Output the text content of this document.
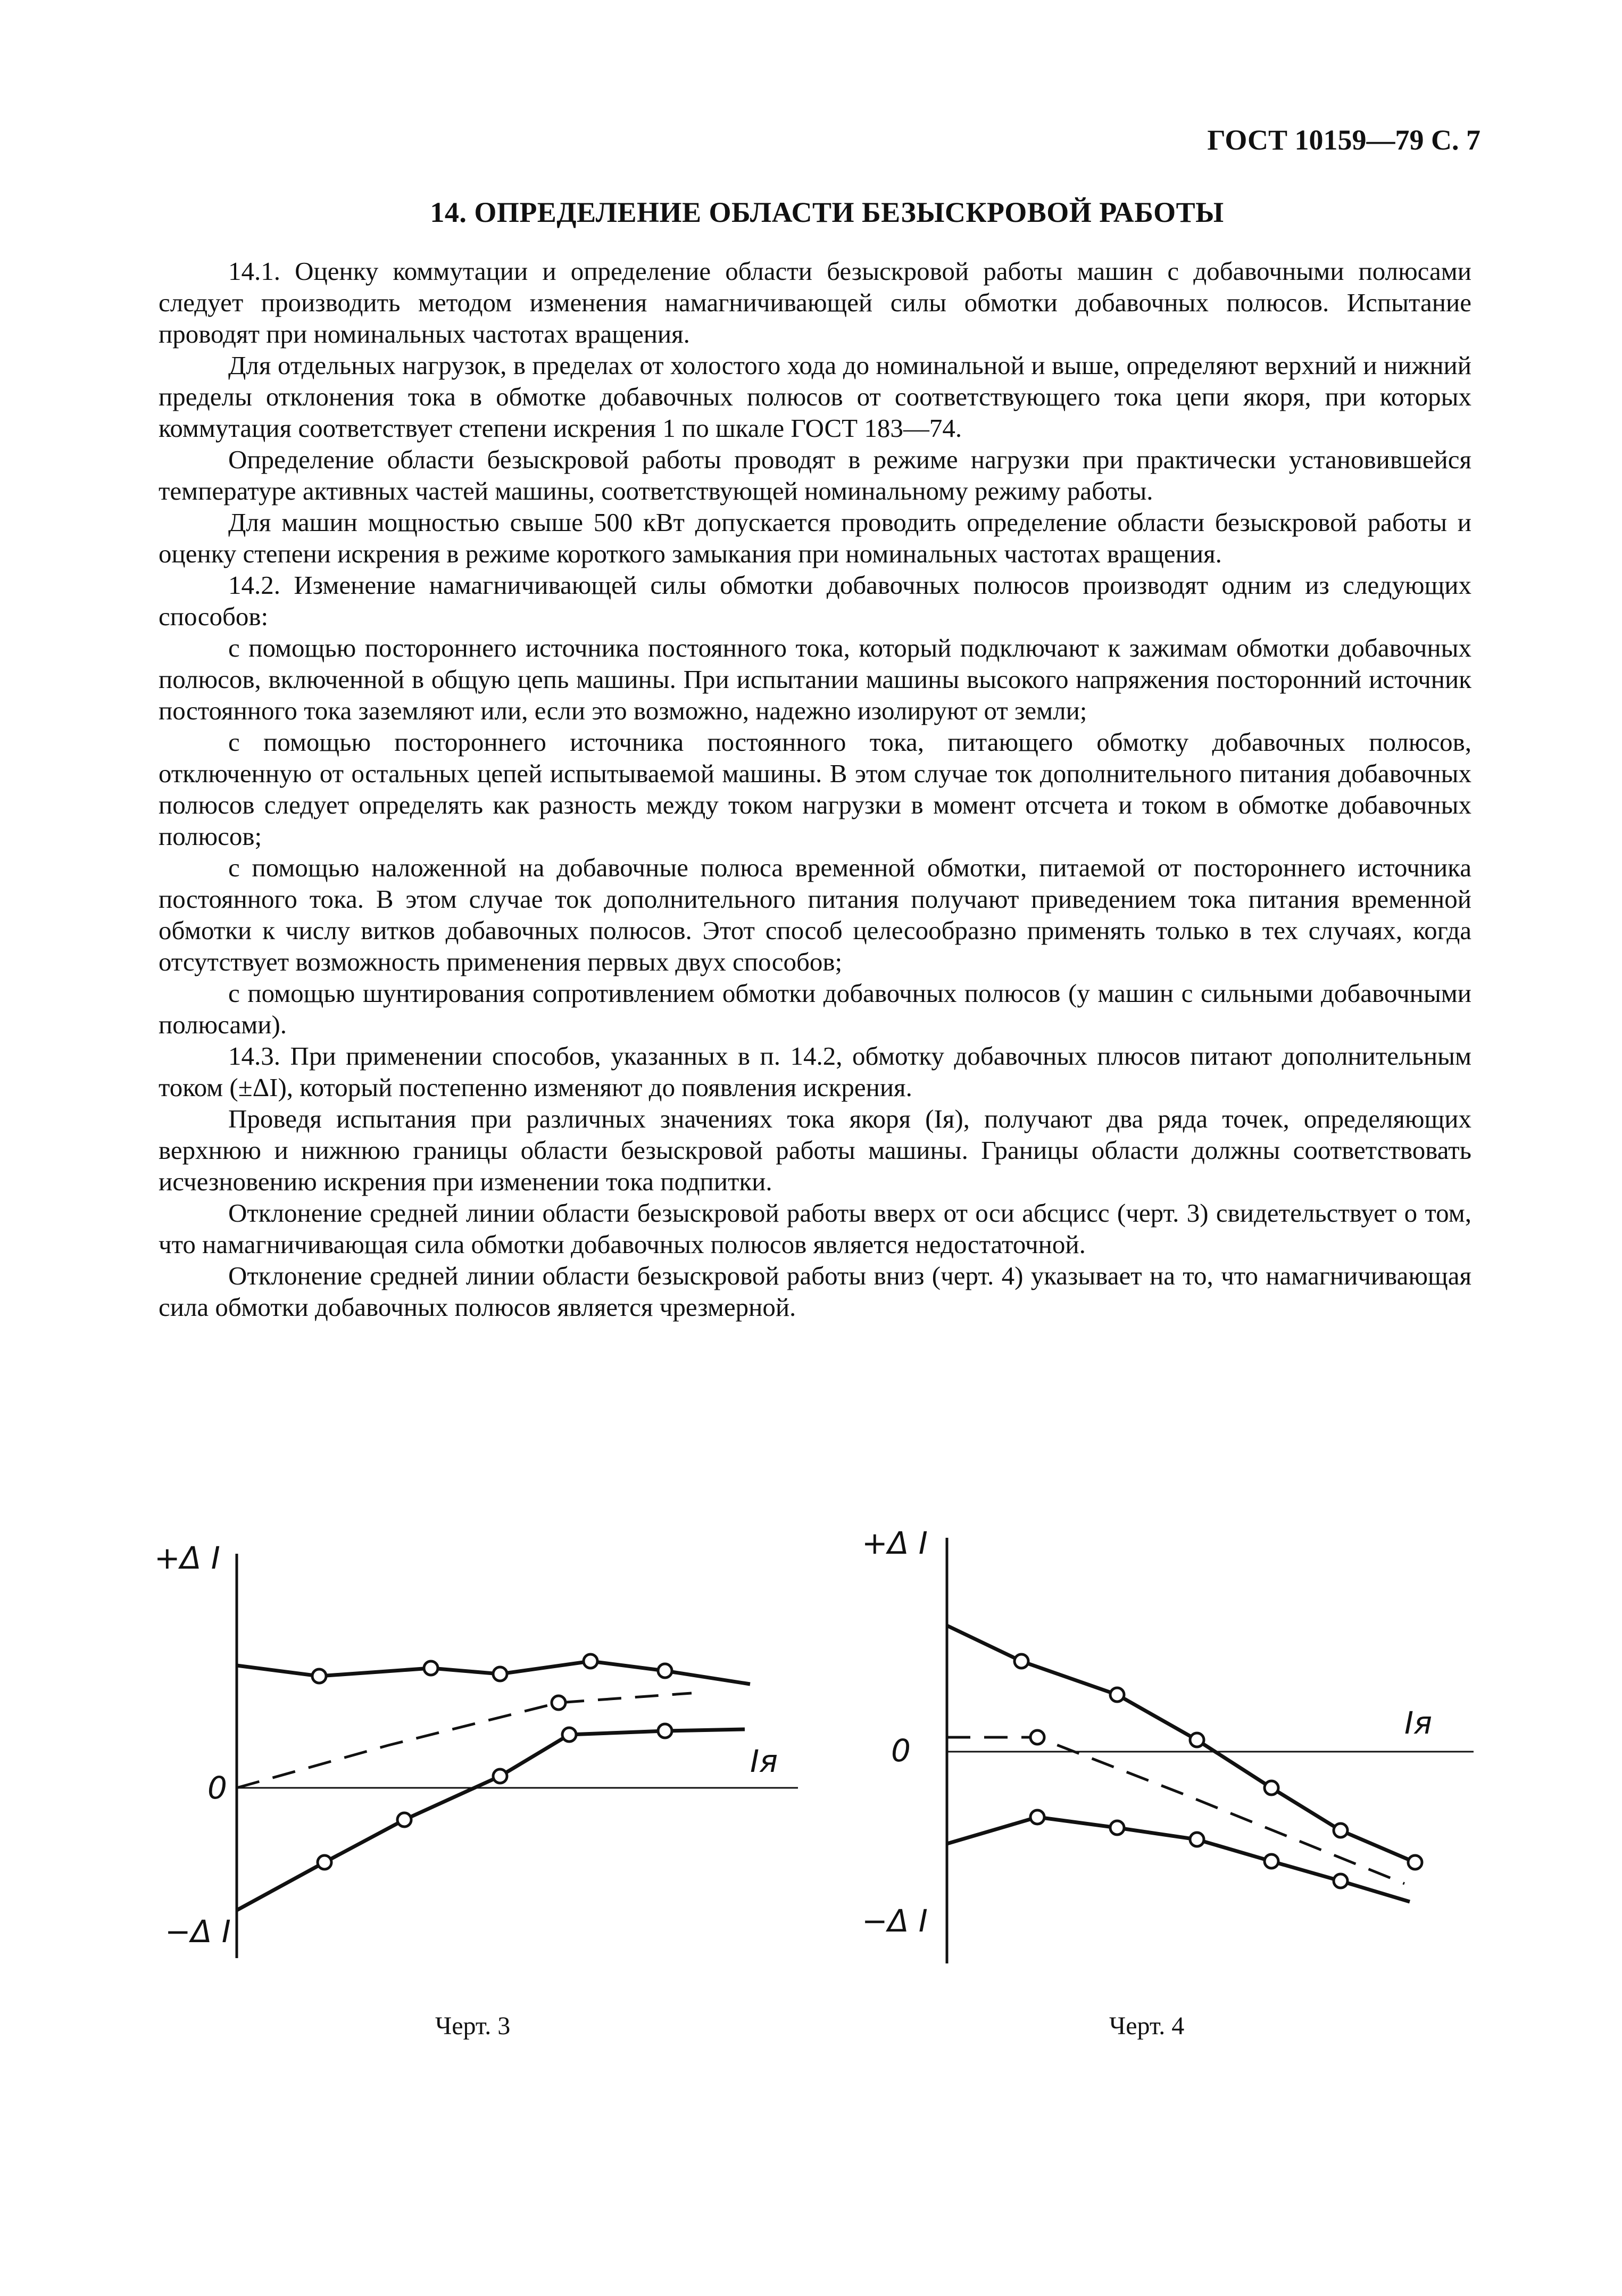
ГОСТ 10159—79 С. 7
14. ОПРЕДЕЛЕНИЕ ОБЛАСТИ БЕЗЫСКРОВОЙ РАБОТЫ

14.1. Оценку коммутации и определение области безыскровой работы машин с добавочными полюсами следует производить методом изменения намагничивающей силы обмотки добавочных полюсов. Испытание проводят при номинальных частотах вращения.

Для отдельных нагрузок, в пределах от холостого хода до номинальной и выше, определяют верхний и нижний пределы отклонения тока в обмотке добавочных полюсов от соответствующего тока цепи якоря, при которых коммутация соответствует степени искрения 1 по шкале ГОСТ 183—74.

Определение области безыскровой работы проводят в режиме нагрузки при практически установившейся температуре активных частей машины, соответствующей номинальному режиму работы.

Для машин мощностью свыше 500 кВт допускается проводить определение области безыскровой работы и оценку степени искрения в режиме короткого замыкания при номинальных частотах вращения.

14.2. Изменение намагничивающей силы обмотки добавочных полюсов производят одним из следующих способов:

с помощью постороннего источника постоянного тока, который подключают к зажимам обмотки добавочных полюсов, включенной в общую цепь машины. При испытании машины высокого напряжения посторонний источник постоянного тока заземляют или, если это возможно, надежно изолируют от земли;

с помощью постороннего источника постоянного тока, питающего обмотку добавочных полюсов, отключенную от остальных цепей испытываемой машины. В этом случае ток дополнительного питания добавочных полюсов следует определять как разность между током нагрузки в момент отсчета и током в обмотке добавочных полюсов;

с помощью наложенной на добавочные полюса временной обмотки, питаемой от постороннего источника постоянного тока. В этом случае ток дополнительного питания получают приведением тока питания временной обмотки к числу витков добавочных полюсов. Этот способ целесообразно применять только в тех случаях, когда отсутствует возможность применения первых двух способов;

с помощью шунтирования сопротивлением обмотки добавочных полюсов (у машин с сильными добавочными полюсами).

14.3. При применении способов, указанных в п. 14.2, обмотку добавочных плюсов питают дополнительным током (±ΔI), который постепенно изменяют до появления искрения.

Проведя испытания при различных значениях тока якоря (Iя), получают два ряда точек, определяющих верхнюю и нижнюю границы области безыскровой работы машины. Границы области должны соответствовать исчезновению искрения при изменении тока подпитки.

Отклонение средней линии области безыскровой работы вверх от оси абсцисс (черт. 3) свидетельствует о том, что намагничивающая сила обмотки добавочных полюсов является недостаточной.

Отклонение средней линии области безыскровой работы вниз (черт. 4) указывает на то, что намагничивающая сила обмотки добавочных полюсов является чрезмерной.

+Δ I
0
−Δ I
Iя
Черт. 3
+Δ I
0
−Δ I
Iя
Черт. 4
